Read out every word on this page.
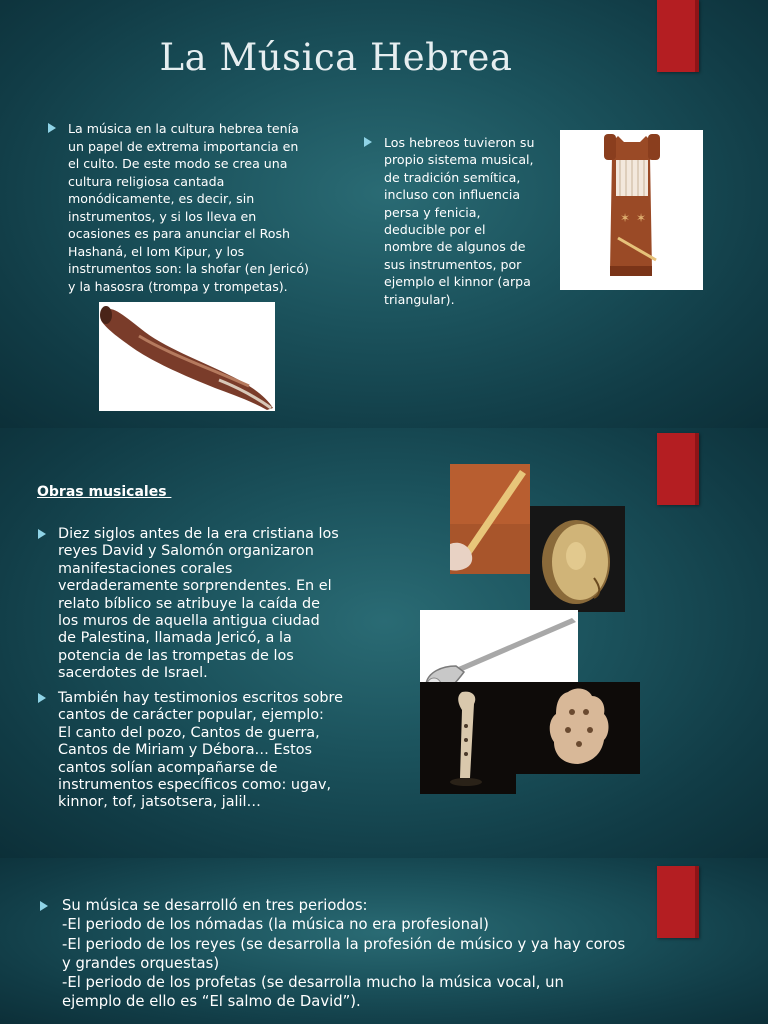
La Música Hebrea
La música en la cultura hebrea tenía
un papel de extrema importancia en
el culto. De este modo se crea una
cultura religiosa cantada
monódicamente, es decir, sin
instrumentos, y si los lleva en
ocasiones es para anunciar el Rosh
Hashaná, el Iom Kipur, y los
instrumentos son: la shofar (en Jericó)
y la hasosra (trompa y trompetas).
Los hebreos tuvieron su
propio sistema musical,
de tradición semítica,
incluso con influencia
persa y fenicia,
deducible por el
nombre de algunos de
sus instrumentos, por
ejemplo el kinnor (arpa
triangular).
✶ ✶
Obras musicales
Diez siglos antes de la era cristiana los
reyes David y Salomón organizaron
manifestaciones corales
verdaderamente sorprendentes. En el
relato bíblico se atribuye la caída de
los muros de aquella antigua ciudad
de Palestina, llamada Jericó, a la
potencia de las trompetas de los
sacerdotes de Israel.
También hay testimonios escritos sobre
cantos de carácter popular, ejemplo:
El canto del pozo, Cantos de guerra,
Cantos de Miriam y Débora… Estos
cantos solían acompañarse de
instrumentos específicos como: ugav,
kinnor, tof, jatsotsera, jalil…
Su música se desarrolló en tres periodos:
-El periodo de los nómadas (la música no era profesional)
-El periodo de los reyes (se desarrolla la profesión de músico y ya hay coros
y grandes orquestas)
-El periodo de los profetas (se desarrolla mucho la música vocal, un
ejemplo de ello es “El salmo de David”).
